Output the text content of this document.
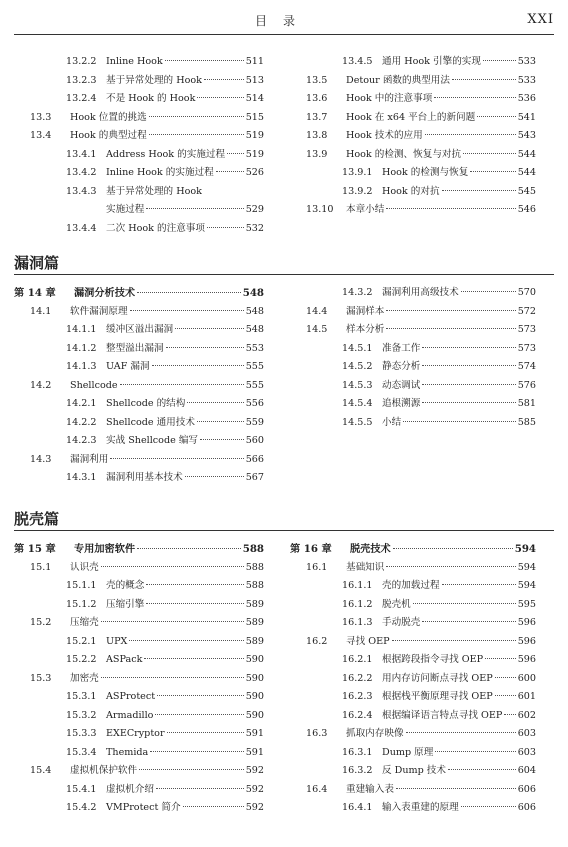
目录	XXI
13.2.2 Inline Hook	511
13.2.3 基于异常处理的 Hook	513
13.2.4 不是 Hook 的 Hook	514
13.3	Hook 位置的挑选	515
13.4	Hook 的典型过程	519
13.4.1 Address Hook 的实施过程 519
13.4.2 Inline Hook 的实施过程	526
13.4.3 基于异常处理的 Hook
实施过程	529
13.4.4 二次 Hook 的注意事项	532
13.4.5 通用 Hook 引擎的实现	533
13.5	Detour 函数的典型用法	533
13.6	Hook 中的注意事项	536
13.7	Hook 在 x64 平台上的新问题	541
13.8	Hook 技术的应用	543
13.9	Hook 的检测、恢复与对抗	544
13.9.1 Hook 的检测与恢复	544
13.9.2 Hook 的对抗	545
13.10	本章小结	546
漏洞篇
第 14 章	漏洞分析技术	548
14.1	软件漏洞原理	548
14.1.1 缓冲区溢出漏洞	548
14.1.2 整型溢出漏洞	553
14.1.3 UAF 漏洞	555
14.2	Shellcode	555
14.2.1 Shellcode 的结构	556
14.2.2 Shellcode 通用技术	559
14.2.3 实战 Shellcode 编写	560
14.3	漏洞利用	566
14.3.1 漏洞利用基本技术	567
14.3.2 漏洞利用高级技术	570
14.4	漏洞样本	572
14.5	样本分析	573
14.5.1 准备工作	573
14.5.2 静态分析	574
14.5.3 动态调试	576
14.5.4 追根溯源	581
14.5.5 小结	585
脱壳篇
第 15 章	专用加密软件	588
15.1	认识壳	588
15.1.1 壳的概念	588
15.1.2 压缩引擎	589
15.2	压缩壳	589
15.2.1 UPX	589
15.2.2 ASPack	590
15.3	加密壳	590
15.3.1 ASProtect	590
15.3.2 Armadillo	590
15.3.3 EXECryptor	591
15.3.4 Themida	591
15.4	虚拟机保护软件	592
15.4.1 虚拟机介绍	592
15.4.2 VMProtect 简介	592
第 16 章	脱壳技术	594
16.1	基础知识	594
16.1.1 壳的加载过程	594
16.1.2 脱壳机	595
16.1.3 手动脱壳	596
16.2	寻找 OEP	596
16.2.1 根据跨段指令寻找 OEP	596
16.2.2 用内存访问断点寻找 OEP	600
16.2.3 根据栈平衡原理寻找 OEP	601
16.2.4 根据编译语言特点寻找 OEP 602
16.3	抓取内存映像	603
16.3.1 Dump 原理	603
16.3.2 反 Dump 技术	604
16.4	重建输入表	606
16.4.1 输入表重建的原理	606
